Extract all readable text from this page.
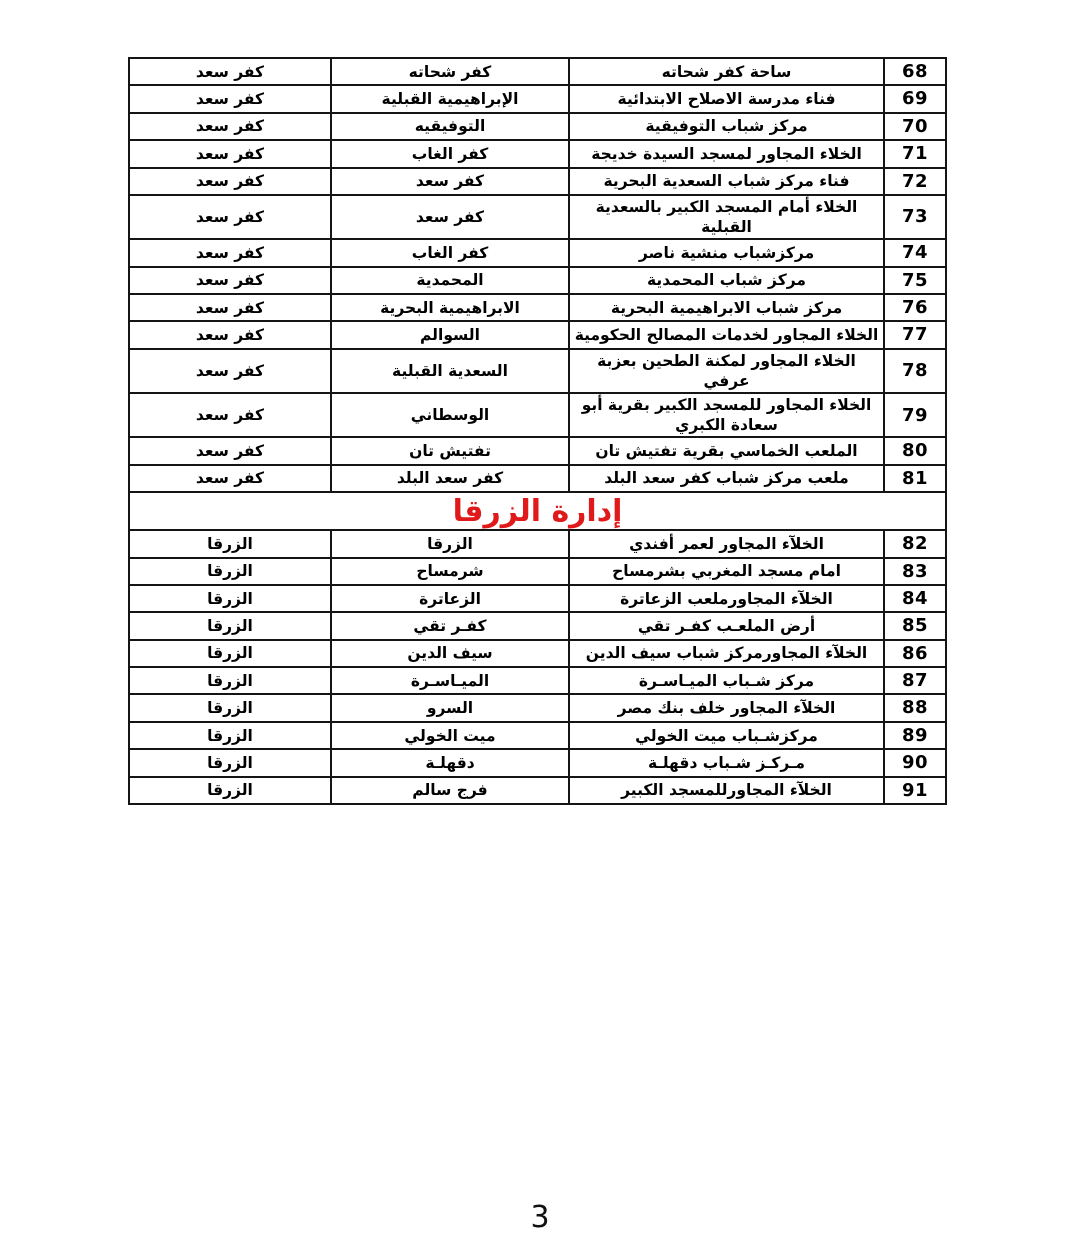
68	ساحة كفر شحاته	كفر شحاته	كفر سعد
69	فناء مدرسة الاصلاح الابتدائية	الإبراهيمية القبلية	كفر سعد
70	مركز شباب التوفيقية	التوفيقيه	كفر سعد
71	الخلاء المجاور لمسجد السيدة خديجة	كفر الغاب	كفر سعد
72	فناء مركز شباب السعدية البحرية	كفر سعد	كفر سعد
73	الخلاء أمام المسجد الكبير بالسعدية القبلية	كفر سعد	كفر سعد
74	مركزشباب منشية ناصر	كفر الغاب	كفر سعد
75	مركز شباب المحمدية	المحمدية	كفر سعد
76	مركز شباب الابراهيمية البحرية	الابراهيمية البحرية	كفر سعد
77	الخلاء المجاور لخدمات المصالح الحكومية	السوالم	كفر سعد
78	الخلاء المجاور لمكنة الطحين بعزبة عرفي	السعدية القبلية	كفر سعد
79	الخلاء المجاور للمسجد الكبير بقرية أبو سعادة الكبري	الوسطاني	كفر سعد
80	الملعب الخماسي بقرية تفتيش تان	تفتيش تان	كفر سعد
81	ملعب مركز شباب كفر سعد البلد	كفر سعد البلد	كفر سعد
إدارة الزرقا			
82	الخلآء المجاور لعمر أفندي	الزرقا	الزرقا
83	امام مسجد المغربي بشرمساح	شرمساح	الزرقا
84	الخلآء المجاورملعب الزعاترة	الزعاترة	الزرقا
85	أرض الملعـب كفـر تقي	كفـر تقي	الزرقا
86	الخلآء المجاورمركز شباب سيف الدين	سيف الدين	الزرقا
87	مركز شـباب الميـاسـرة	الميـاسـرة	الزرقا
88	الخلآء المجاور خلف بنك مصر	السرو	الزرقا
89	مركزشـباب ميت الخولي	ميت الخولي	الزرقا
90	مـركـز شـباب دقهلـة	دقهلـة	الزرقا
91	الخلآء المجاورللمسجد الكبير	فرج سالم	الزرقا
3
